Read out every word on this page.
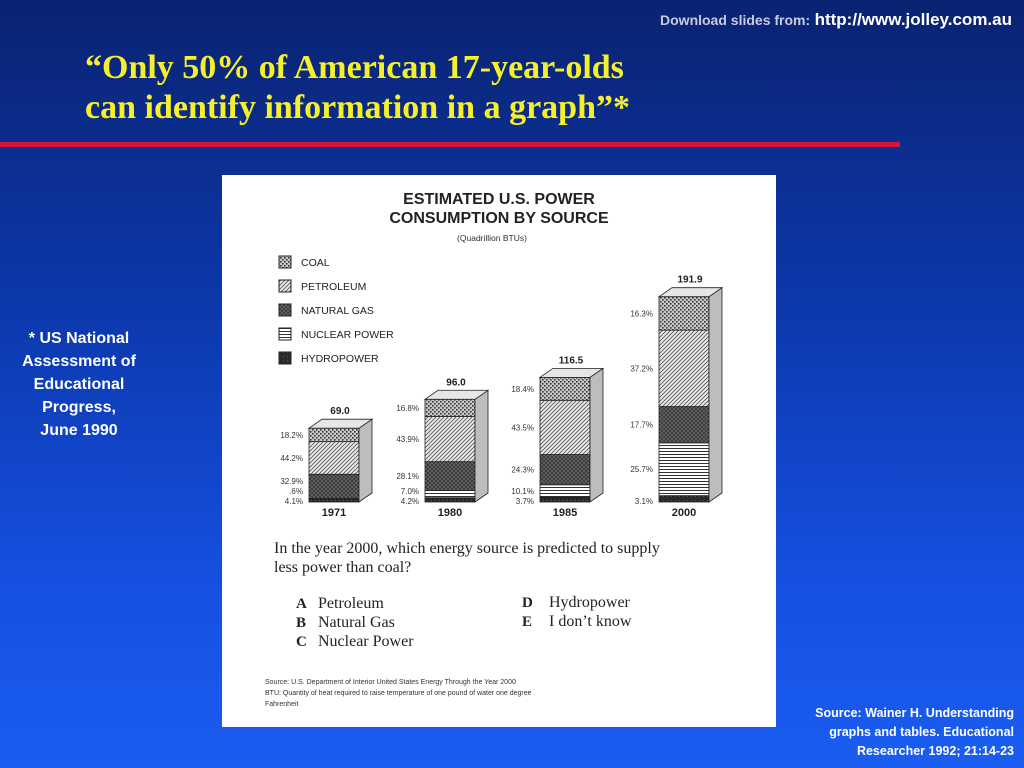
Download slides from: http://www.jolley.com.au
“Only 50% of American 17-year-olds
can identify information in a graph”*
* US National
Assessment of
Educational
Progress,
June 1990
ESTIMATED U.S. POWER
CONSUMPTION BY SOURCE
(Quadrillion BTUs)
COAL
PETROLEUM
NATURAL GAS
NUCLEAR POWER
HYDROPOWER
69.0
1971
4.1%
.6%
32.9%
44.2%
18.2%
96.0
1980
4.2%
7.0%
28.1%
43.9%
16.8%
116.5
1985
3.7%
10.1%
24.3%
43.5%
18.4%
191.9
2000
3.1%
25.7%
17.7%
37.2%
16.3%
In the year 2000, which energy source is predicted to supply
less power than coal?
A Petroleum
B Natural Gas
C Nuclear Power
D Hydropower
E I don’t know
Source: U.S. Department of Interior United States Energy Through the Year 2000
BTU: Quantity of heat required to raise temperature of one pound of water one degree
Fahrenheit
Source: Wainer H. Understanding
graphs and tables. Educational
Researcher 1992; 21:14-23
